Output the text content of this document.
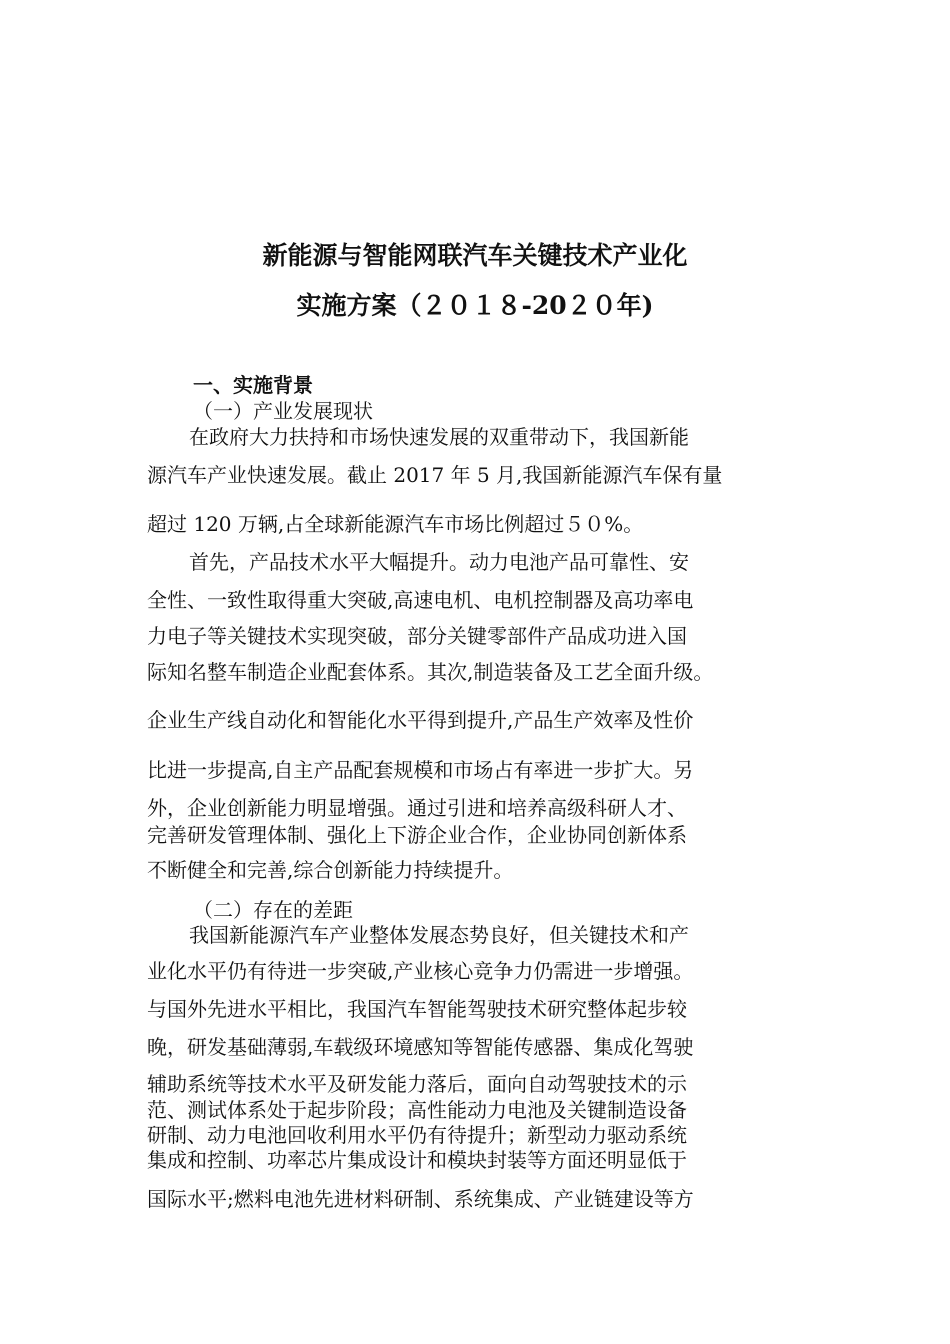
新能源与智能网联汽车关键技术产业化
实施方案（２０１８-20２０年)
一、实施背景
（一）产业发展现状
在政府大力扶持和市场快速发展的双重带动下，我国新能
源汽车产业快速发展。截止 2017 年 5 月,我国新能源汽车保有量
超过 120 万辆,占全球新能源汽车市场比例超过５０%。
首先，产品技术水平大幅提升。动力电池产品可靠性、安
全性、一致性取得重大突破,高速电机、电机控制器及高功率电
力电子等关键技术实现突破，部分关键零部件产品成功进入国
际知名整车制造企业配套体系。其次,制造装备及工艺全面升级。
企业生产线自动化和智能化水平得到提升,产品生产效率及性价
比进一步提高,自主产品配套规模和市场占有率进一步扩大。另
外，企业创新能力明显增强。通过引进和培养高级科研人才、
完善研发管理体制、强化上下游企业合作，企业协同创新体系
不断健全和完善,综合创新能力持续提升。
（二）存在的差距
我国新能源汽车产业整体发展态势良好，但关键技术和产
业化水平仍有待进一步突破,产业核心竞争力仍需进一步增强。
与国外先进水平相比，我国汽车智能驾驶技术研究整体起步较
晚，研发基础薄弱,车载级环境感知等智能传感器、集成化驾驶
辅助系统等技术水平及研发能力落后，面向自动驾驶技术的示
范、测试体系处于起步阶段；高性能动力电池及关键制造设备
研制、动力电池回收利用水平仍有待提升；新型动力驱动系统
集成和控制、功率芯片集成设计和模块封装等方面还明显低于
国际水平;燃料电池先进材料研制、系统集成、产业链建设等方
